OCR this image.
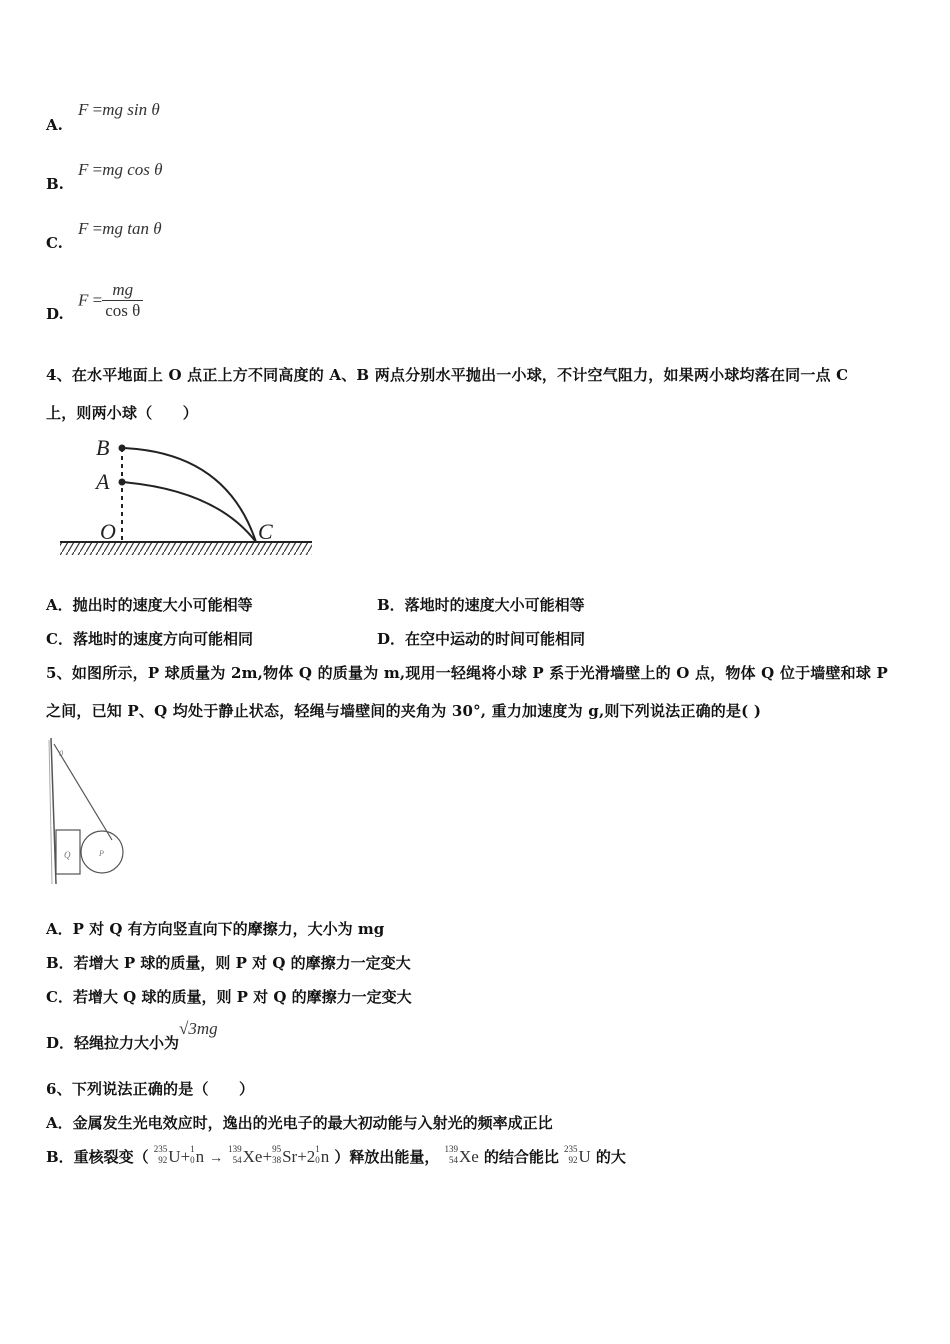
A.
F =mg sin θ
B.
F =mg cos θ
C.
F =mg tan θ
D.
$F = \frac{mg}{\text{cos θ}}$
4、在水平地面上 O 点正上方不同高度的 A、B 两点分别水平抛出一小球，不计空气阻力，如果两小球均落在同一点 C
上，则两小球（　　）
B
A
O	C
A．抛出时的速度大小可能相等	B．落地时的速度大小可能相等
C．落地时的速度方向可能相同	D．在空中运动的时间可能相同
5、如图所示，P 球质量为 2m,物体 Q 的质量为 m,现用一轻绳将小球 P 系于光滑墙壁上的 O 点，物体 Q 位于墙壁和球 P
之间，已知 P、Q 均处于静止状态，轻绳与墙壁间的夹角为 30°, 重力加速度为 g,则下列说法正确的是( )
0
Q	P
A．P 对 Q 有方向竖直向下的摩擦力，大小为 mg
B．若增大 P 球的质量，则 P 对 Q 的摩擦力一定变大
C．若增大 Q 球的质量，则 P 对 Q 的摩擦力一定变大
D．轻绳拉力大小为√3mg
6、下列说法正确的是（　　）
A．金属发生光电效应时，逸出的光电子的最大初动能与入射光的频率成正比
B．重核裂变（ 235
92 U+ 1
0 n →
139
54 Xe+ 95
38 Sr+2 1
0 n ）释放出能量， 139
54 Xe 的结合能比 235
92 U 的大
